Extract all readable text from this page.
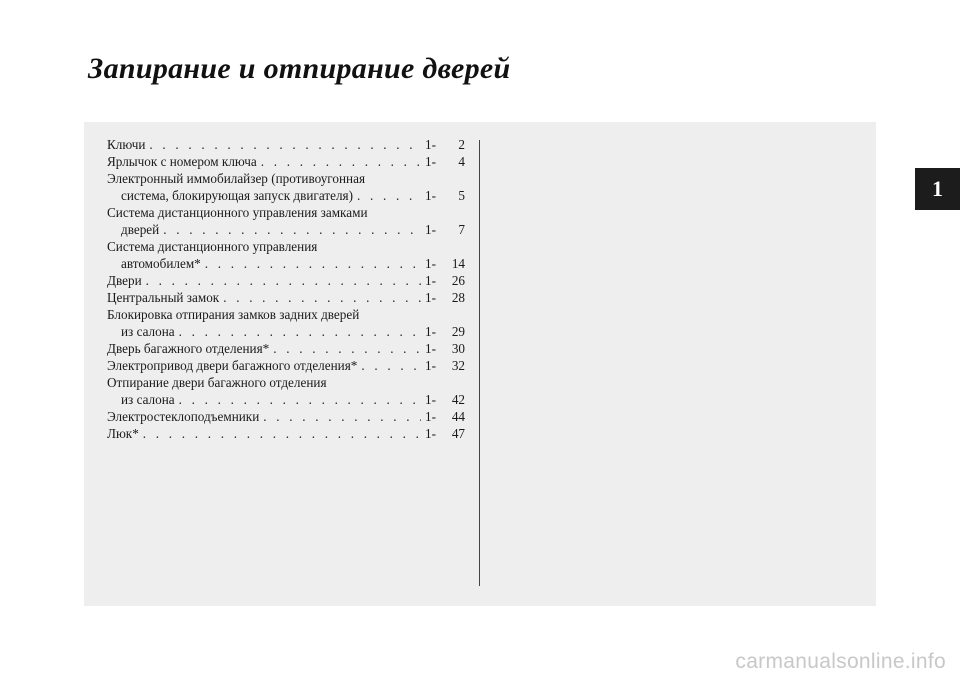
Запирание и отпирание дверей
Ключи . . .	1-	2
Ярлычок с номером ключа . . .	1-	4
Электронный иммобилайзер (противоугонная
система, блокирующая запуск двигателя) . . .	1-	5
Система дистанционного управления замками
дверей . . .	1-	7
Система дистанционного управления
автомобилем* . . .	1-	14
Двери . . .	1-	26
Центральный замок . . .	1-	28
Блокировка отпирания замков задних дверей
из салона . . .	1-	29
Дверь багажного отделения* . . .	1-	30
Электропривод двери багажного отделения* . . .	1-	32
Отпирание двери багажного отделения
из салона . . .	1-	42
Электростеклоподъемники . . .	1-	44
Люк* . . .	1-	47
1
carmanualsonline.info
